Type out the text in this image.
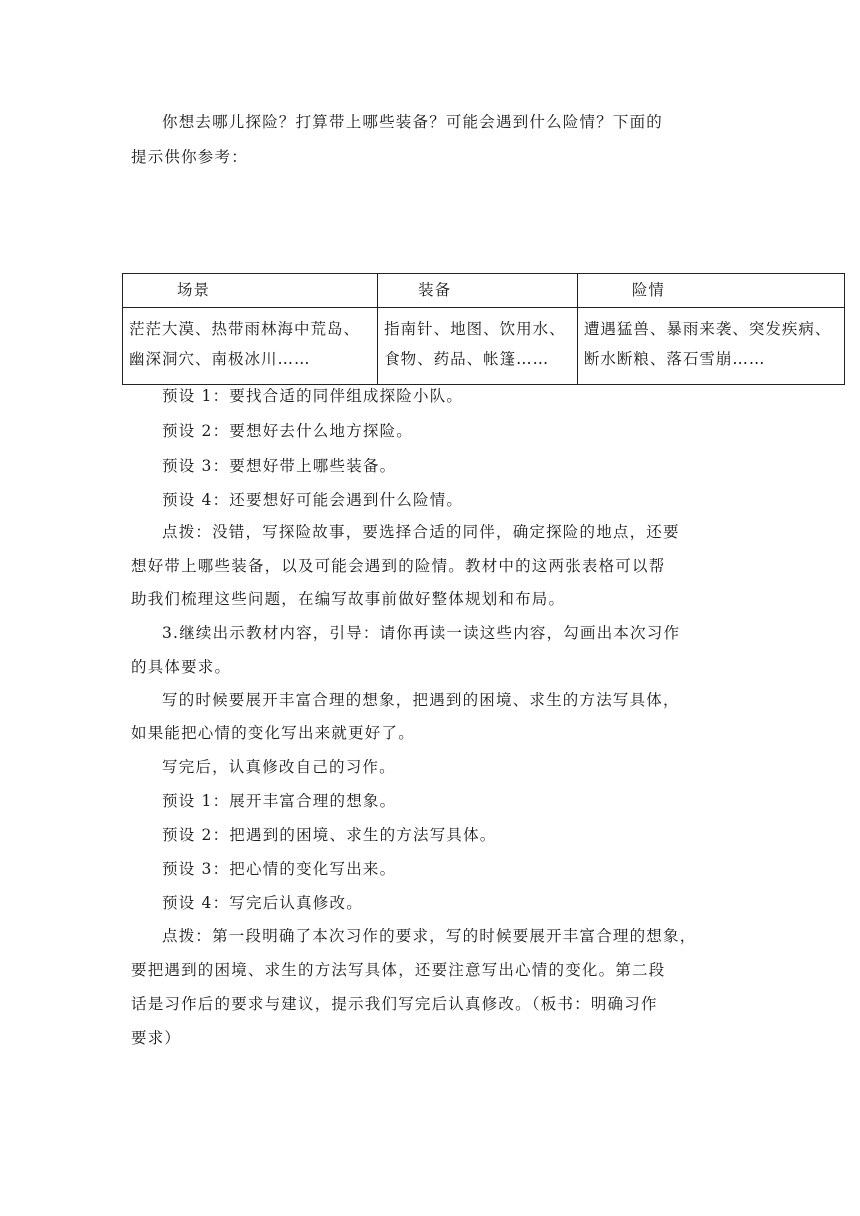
你想去哪儿探险？打算带上哪些装备？可能会遇到什么险情？下面的
提示供你参考：
场景	装备	险情
茫茫大漠、热带雨林海中荒岛、幽深洞穴、南极冰川……	指南针、地图、饮用水、食物、药品、帐篷……	遭遇猛兽、暴雨来袭、突发疾病、断水断粮、落石雪崩……
预设 1：要找合适的同伴组成探险小队。
预设 2：要想好去什么地方探险。
预设 3：要想好带上哪些装备。
预设 4：还要想好可能会遇到什么险情。
点拨：没错，写探险故事，要选择合适的同伴，确定探险的地点，还要
想好带上哪些装备，以及可能会遇到的险情。教材中的这两张表格可以帮
助我们梳理这些问题，在编写故事前做好整体规划和布局。
3.继续出示教材内容，引导：请你再读一读这些内容，勾画出本次习作
的具体要求。
写的时候要展开丰富合理的想象，把遇到的困境、求生的方法写具体，
如果能把心情的变化写出来就更好了。
写完后，认真修改自己的习作。
预设 1：展开丰富合理的想象。
预设 2：把遇到的困境、求生的方法写具体。
预设 3：把心情的变化写出来。
预设 4：写完后认真修改。
点拨：第一段明确了本次习作的要求，写的时候要展开丰富合理的想象，
要把遇到的困境、求生的方法写具体，还要注意写出心情的变化。第二段
话是习作后的要求与建议，提示我们写完后认真修改。（板书：明确习作
要求）
